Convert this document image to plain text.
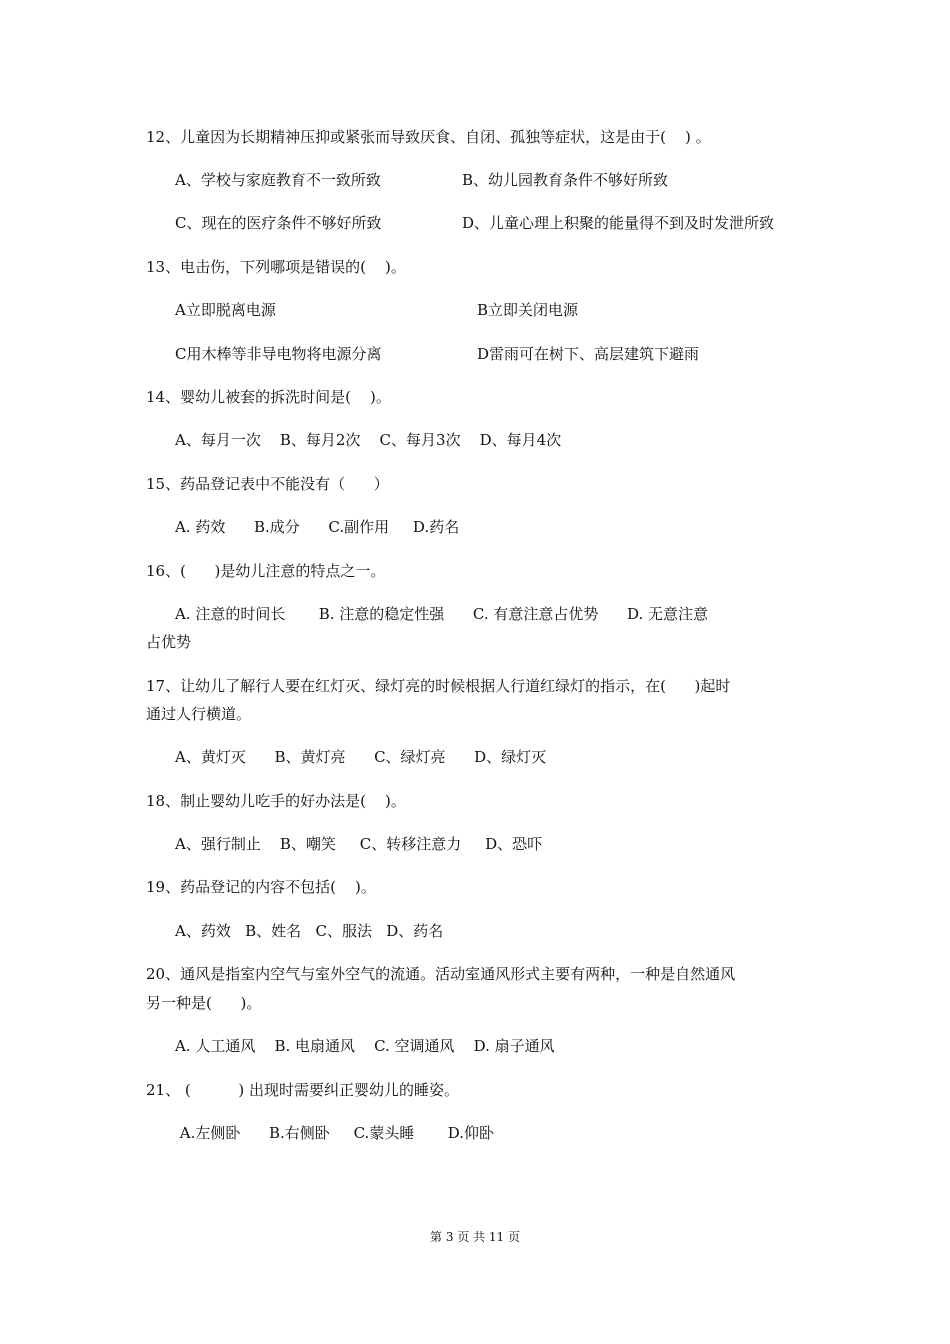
12、儿童因为长期精神压抑或紧张而导致厌食、自闭、孤独等症状，这是由于(    ) 。
A、学校与家庭教育不一致所致	B、幼儿园教育条件不够好所致
C、现在的医疗条件不够好所致	D、儿童心理上积聚的能量得不到及时发泄所致
13、电击伤，下列哪项是错误的(    )。
A立即脱离电源	B立即关闭电源
C用木棒等非导电物将电源分离	D雷雨可在树下、高层建筑下避雨
14、婴幼儿被套的拆洗时间是(    )。
A、每月一次    B、每月2次    C、每月3次    D、每月4次
15、药品登记表中不能没有（      ）
A. 药效      B.成分      C.副作用     D.药名
16、(      )是幼儿注意的特点之一。
A. 注意的时间长       B. 注意的稳定性强      C. 有意注意占优势      D. 无意注意
占优势
17、让幼儿了解行人要在红灯灭、绿灯亮的时候根据人行道红绿灯的指示，在(      )起时
通过人行横道。
A、黄灯灭      B、黄灯亮      C、绿灯亮      D、绿灯灭
18、制止婴幼儿吃手的好办法是(    )。
A、强行制止    B、嘲笑     C、转移注意力     D、恐吓
19、药品登记的内容不包括(    )。
A、药效   B、姓名   C、服法   D、药名
20、通风是指室内空气与室外空气的流通。活动室通风形式主要有两种，一种是自然通风
另一种是(      )。
A. 人工通风    B. 电扇通风    C. 空调通风    D. 扇子通风
21、 (          ) 出现时需要纠正婴幼儿的睡姿。
A.左侧卧      B.右侧卧     C.蒙头睡       D.仰卧
第 3 页 共 11 页
